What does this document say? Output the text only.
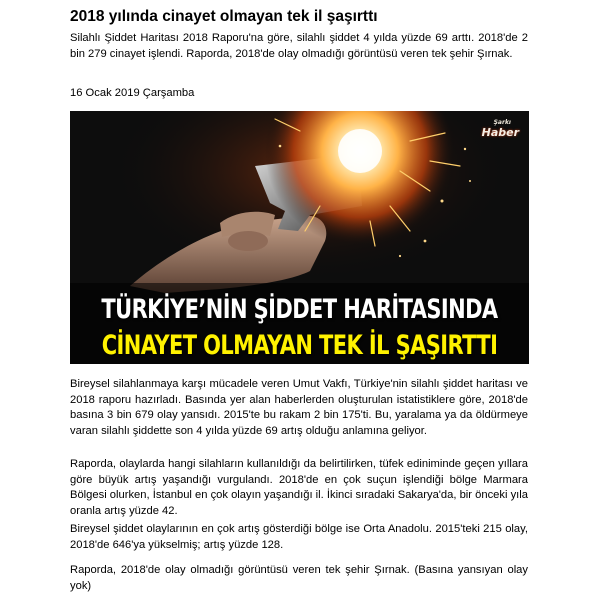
2018 yılında cinayet olmayan tek il şaşırttı

Silahlı Şiddet Haritası 2018 Raporu'na göre, silahlı şiddet 4 yılda yüzde 69 arttı. 2018'de 2 bin 279 cinayet işlendi. Raporda, 2018'de olay olmadığı görüntüsü veren tek şehir Şırnak.

16 Ocak 2019 Çarşamba

Şarkı
Haber
TÜRKİYE’NİN ŞİDDET HARİTASINDA
CİNAYET OLMAYAN TEK İL ŞAŞIRTTI

Bireysel silahlanmaya karşı mücadele veren Umut Vakfı, Türkiye'nin silahlı şiddet haritası ve 2018 raporu hazırladı. Basında yer alan haberlerden oluşturulan istatistiklere göre, 2018'de basına 3 bin 679 olay yansıdı. 2015'te bu rakam 2 bin 175'ti. Bu, yaralama ya da öldürmeye varan silahlı şiddette son 4 yılda yüzde 69 artış olduğu anlamına geliyor.

Raporda, olaylarda hangi silahların kullanıldığı da belirtilirken, tüfek ediniminde geçen yıllara göre büyük artış yaşandığı vurgulandı. 2018'de en çok suçun işlendiği bölge Marmara Bölgesi olurken, İstanbul en çok olayın yaşandığı il. İkinci sıradaki Sakarya'da, bir önceki yıla oranla artış yüzde 42.

Bireysel şiddet olaylarının en çok artış gösterdiği bölge ise Orta Anadolu. 2015'teki 215 olay, 2018'de 646'ya yükselmiş; artış yüzde 128.

Raporda, 2018'de olay olmadığı görüntüsü veren tek şehir Şırnak. (Basına yansıyan olay yok)
